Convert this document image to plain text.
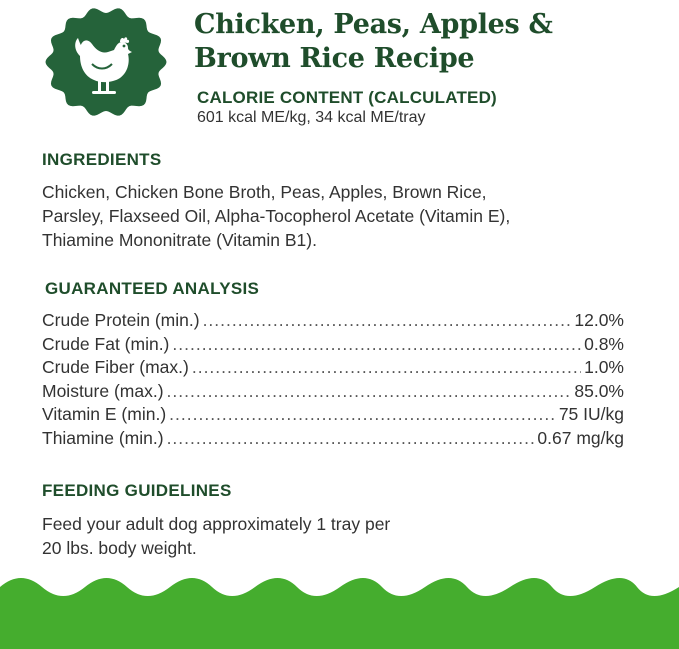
Chicken, Peas, Apples &
Brown Rice Recipe
CALORIE CONTENT (CALCULATED)
601 kcal ME/kg, 34 kcal ME/tray
INGREDIENTS

Chicken, Chicken Bone Broth, Peas, Apples, Brown Rice,
Parsley, Flaxseed Oil, Alpha-Tocopherol Acetate (Vitamin E),
Thiamine Mononitrate (Vitamin B1).

GUARANTEED ANALYSIS
Crude Protein (min.) .....	12.0%
Crude Fat (min.) .....	0.8%
Crude Fiber (max.) .....	1.0%
Moisture (max.) .....	85.0%
Vitamin E (min.) .....	75 IU/kg
Thiamine (min.) .....	0.67 mg/kg
FEEDING GUIDELINES

Feed your adult dog approximately 1 tray per
20 lbs. body weight.
